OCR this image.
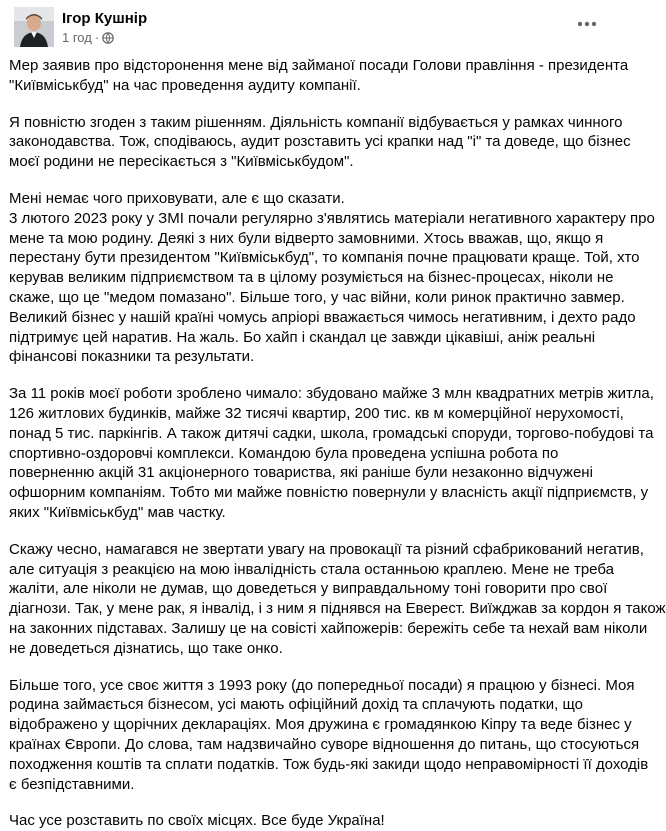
Ігор Кушнір
1 год ·

Мер заявив про відсторонення мене від займаної посади Голови правління - президента
"Київміськбуд" на час проведення аудиту компанії.

Я повністю згоден з таким рішенням. Діяльність компанії відбувається у рамках чинного
законодавства. Тож, сподіваюсь, аудит розставить усі крапки над "і" та доведе, що бізнес
моєї родини не пересікається з "Київміськбудом".

Мені немає чого приховувати, але є що сказати.
3 лютого 2023 року у ЗМІ почали регулярно з'являтись матеріали негативного характеру про
мене та мою родину. Деякі з них були відверто замовними. Хтось вважав, що, якщо я
перестану бути президентом "Київміськбуд", то компанія почне працювати краще. Той, хто
керував великим підприємством та в цілому розуміється на бізнес-процесах, ніколи не
скаже, що це "медом помазано". Більше того, у час війни, коли ринок практично завмер.
Великий бізнес у нашій країні чомусь апріорі вважається чимось негативним, і дехто радо
підтримує цей наратив. На жаль. Бо хайп і скандал це завжди цікавіші, аніж реальні
фінансові показники та результати.

За 11 років моєї роботи зроблено чимало: збудовано майже 3 млн квадратних метрів житла,
126 житлових будинків, майже 32 тисячі квартир, 200 тис. кв м комерційної нерухомості,
понад 5 тис. паркінгів. А також дитячі садки, школа, громадські споруди, торгово-побудові та
спортивно-оздоровчі комплекси. Командою була проведена успішна робота по
поверненню акцій 31 акціонерного товариства, які раніше були незаконно відчужені
офшорним компаніям. Тобто ми майже повністю повернули у власність акції підприємств, у
яких "Київміськбуд" мав частку.

Скажу чесно, намагався не звертати увагу на провокації та різний сфабрикований негатив,
але ситуація з реакцією на мою інвалідність стала останньою краплею. Мене не треба
жаліти, але ніколи не думав, що доведеться у виправдальному тоні говорити про свої
діагнози. Так, у мене рак, я інвалід, і з ним я піднявся на Еверест. Виїжджав за кордон я також
на законних підставах. Залишу це на совісті хайпожерів: бережіть себе та нехай вам ніколи
не доведеться дізнатись, що таке онко.

Більше того, усе своє життя з 1993 року (до попередньої посади) я працюю у бізнесі. Моя
родина займається бізнесом, усі мають офіційний дохід та сплачують податки, що
відображено у щорічних деклараціях. Моя дружина є громадянкою Кіпру та веде бізнес у
країнах Європи. До слова, там надзвичайно суворе відношення до питань, що стосуються
походження коштів та сплати податків. Тож будь-які закиди щодо неправомірності її доходів
є безпідставними.

Час усе розставить по своїх місцях. Все буде Україна!
